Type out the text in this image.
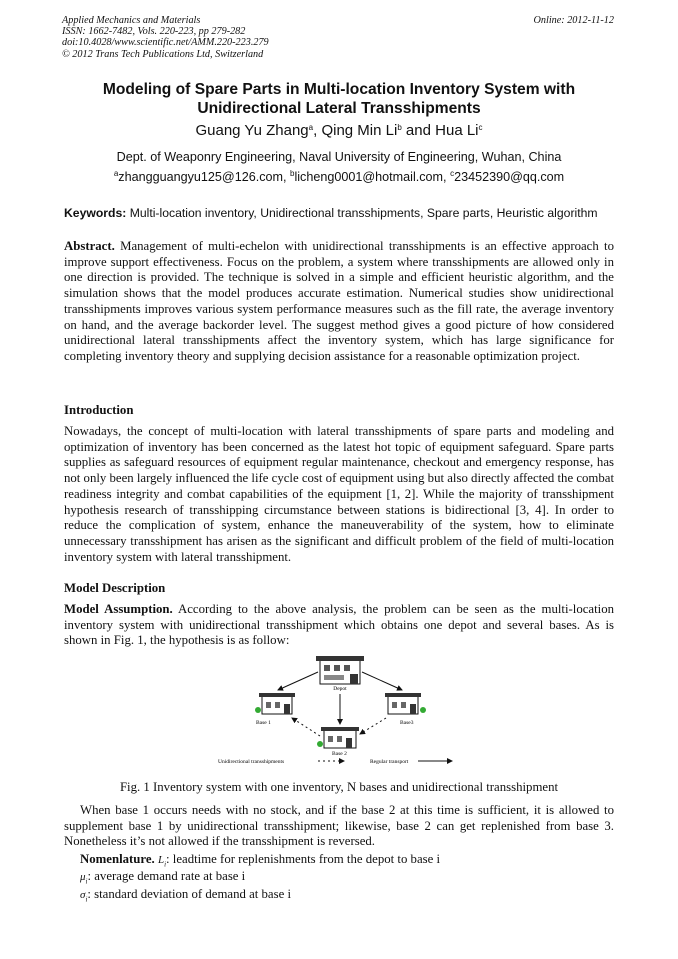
Applied Mechanics and Materials
ISSN: 1662-7482, Vols. 220-223, pp 279-282
doi:10.4028/www.scientific.net/AMM.220-223.279
© 2012 Trans Tech Publications Ltd, Switzerland
Online: 2012-11-12
Modeling of Spare Parts in Multi-location Inventory System with
Unidirectional Lateral Transshipments
Guang Yu Zhang$^a$, Qing Min Li$^b$ and Hua Li$^c$
Dept. of Weaponry Engineering, Naval University of Engineering, Wuhan, China
$^a$zhangguangyu125@126.com, $^b$licheng0001@hotmail.com, $^c$23452390@qq.com
Keywords: Multi-location inventory, Unidirectional transshipments, Spare parts, Heuristic algorithm
Abstract. Management of multi-echelon with unidirectional transshipments is an effective approach to improve support effectiveness. Focus on the problem, a system where transshipments are allowed only in one direction is provided. The technique is solved in a simple and efficient heuristic algorithm, and the simulation shows that the model produces accurate estimation. Numerical studies show unidirectional transshipments improves various system performance measures such as the fill rate, the average inventory on hand, and the average backorder level. The suggest method gives a good picture of how considered unidirectional lateral transshipments affect the inventory system, which has large significance for completing inventory theory and supplying decision assistance for a reasonable optimization project.
Introduction
Nowadays, the concept of multi-location with lateral transshipments of spare parts and modeling and optimization of inventory has been concerned as the latest hot topic of equipment safeguard. Spare parts supplies as safeguard resources of equipment regular maintenance, checkout and emergency response, has not only been largely influenced the life cycle cost of equipment using but also directly affected the combat readiness integrity and combat capabilities of the equipment [1, 2]. While the majority of transshipment hypothesis research of transshipping circumstance between stations is bidirectional [3, 4]. In order to reduce the complication of system, enhance the maneuverability of the system, how to eliminate unnecessary transshipment has arisen as the significant and difficult problem of the field of multi-location inventory system with lateral transshipment.
Model Description
Model Assumption. According to the above analysis, the problem can be seen as the multi-location inventory system with unidirectional transshipment which obtains one depot and several bases. As is shown in Fig. 1, the hypothesis is as follow:
Depot
Base 1	Base3
Base 2
Unidirectional transshipments	Regular transport
Fig. 1 Inventory system with one inventory, N bases and unidirectional transshipment
When base 1 occurs needs with no stock, and if the base 2 at this time is sufficient, it is allowed to supplement base 1 by unidirectional transshipment; likewise, base 2 can get replenished from base 3. Nonetheless it’s not allowed if the transshipment is reversed.
Nomenlature. $L_i$: leadtime for replenishments from the depot to base i
$\mu_i$: average demand rate at base i
$\sigma_i$: standard deviation of demand at base i
